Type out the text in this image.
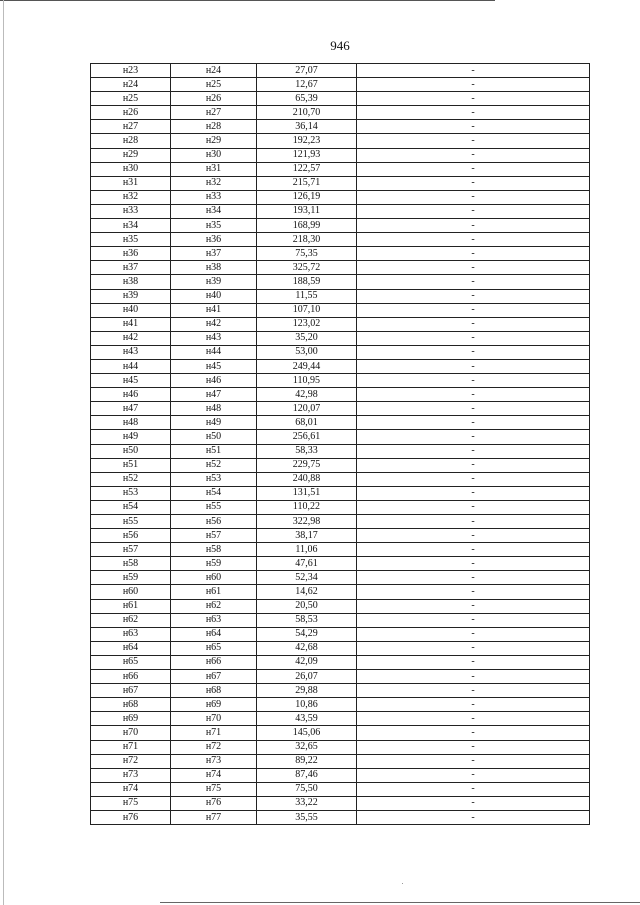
946
н23	н24	27,07	-
н24	н25	12,67	-
н25	н26	65,39	-
н26	н27	210,70	-
н27	н28	36,14	-
н28	н29	192,23	-
н29	н30	121,93	-
н30	н31	122,57	-
н31	н32	215,71	-
н32	н33	126,19	-
н33	н34	193,11	-
н34	н35	168,99	-
н35	н36	218,30	-
н36	н37	75,35	-
н37	н38	325,72	-
н38	н39	188,59	-
н39	н40	11,55	-
н40	н41	107,10	-
н41	н42	123,02	-
н42	н43	35,20	-
н43	н44	53,00	-
н44	н45	249,44	-
н45	н46	110,95	-
н46	н47	42,98	-
н47	н48	120,07	-
н48	н49	68,01	-
н49	н50	256,61	-
н50	н51	58,33	-
н51	н52	229,75	-
н52	н53	240,88	-
н53	н54	131,51	-
н54	н55	110,22	-
н55	н56	322,98	-
н56	н57	38,17	-
н57	н58	11,06	-
н58	н59	47,61	-
н59	н60	52,34	-
н60	н61	14,62	-
н61	н62	20,50	-
н62	н63	58,53	-
н63	н64	54,29	-
н64	н65	42,68	-
н65	н66	42,09	-
н66	н67	26,07	-
н67	н68	29,88	-
н68	н69	10,86	-
н69	н70	43,59	-
н70	н71	145,06	-
н71	н72	32,65	-
н72	н73	89,22	-
н73	н74	87,46	-
н74	н75	75,50	-
н75	н76	33,22	-
н76	н77	35,55	-
